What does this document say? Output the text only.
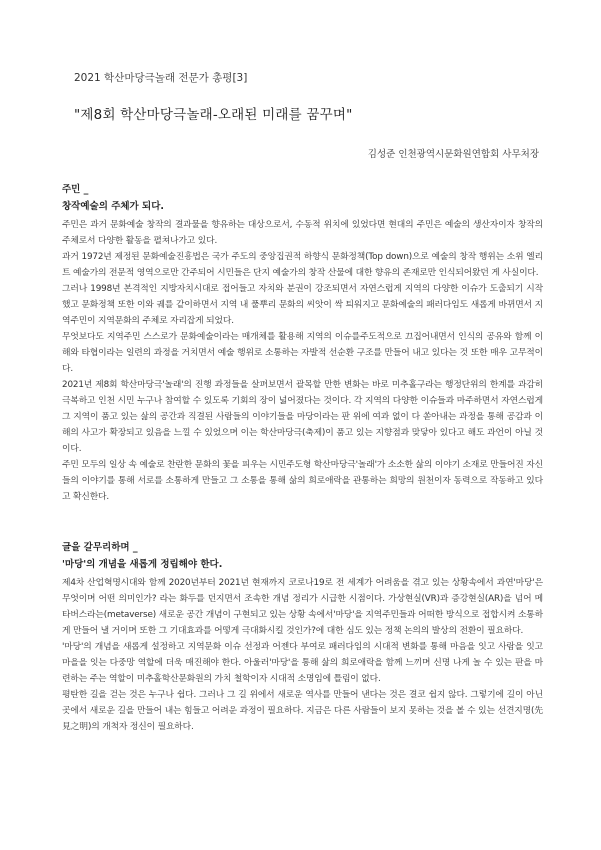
2021 학산마당극놀래 전문가 총평[3]
"제8회 학산마당극놀래-오래된 미래를 꿈꾸며"
김성준 인천광역시문화원연합회 사무처장

주민 _

창작예술의 주체가 되다.

주민은 과거 문화예술 창작의 결과물을 향유하는 대상으로서, 수동적 위치에 있었다면 현대의 주민은 예술의 생산자이자 창작의 주체로서 다양한 활동을 펼쳐나가고 있다.

과거 1972년 제정된 문화예술진흥법은 국가 주도의 중앙집권적 하향식 문화정책(Top down)으로 예술의 창작 행위는 소위 엘리트 예술가의 전문적 영역으로만 간주되어 시민들은 단지 예술가의 창작 산물에 대한 향유의 존재로만 인식되어왔던 게 사실이다.

그러나 1998년 본격적인 지방자치시대로 접어들고 자치와 분권이 강조되면서 자연스럽게 지역의 다양한 이슈가 도출되기 시작했고 문화정책 또한 이와 궤를 같이하면서 지역 내 풀뿌리 문화의 씨앗이 싹 틔워지고 문화예술의 패러다임도 새롭게 바뀌면서 지역주민이 지역문화의 주체로 자리잡게 되었다.

무엇보다도 지역주민 스스로가 문화예술이라는 매개체를 활용해 지역의 이슈를주도적으로 끄집어내면서 인식의 공유와 함께 이해와 타협이라는 일련의 과정을 거치면서 예술 행위로 소통하는 자발적 선순환 구조를 만들어 내고 있다는 것 또한 매우 고무적이다.

2021년 제8회 학산마당극'놀래'의 진행 과정들을 살펴보면서 괄목할 만한 변화는 바로 미추홀구라는 행정단위의 한계를 과감히 극복하고 인천 시민 누구나 참여할 수 있도록 기회의 장이 넓어졌다는 것이다. 각 지역의 다양한 이슈들과 마주하면서 자연스럽게 그 지역이 품고 있는 삶의 공간과 직결된 사람들의 이야기들을 마당이라는 판 위에 여과 없이 다 쏟아내는 과정을 통해 공감과 이해의 사고가 확장되고 있음을 느낄 수 있었으며 이는 학산마당극(축제)이 품고 있는 지향점과 맞닿아 있다고 해도 과언이 아닐 것이다.

주민 모두의 일상 속 예술로 찬란한 문화의 꽃을 피우는 시민주도형 학산마당극'놀래'가 소소한 삶의 이야기 소재로 만들어진 자신들의 이야기를 통해 서로를 소통하게 만들고 그 소통을 통해 삶의 희로애락을 관통하는 희망의 원천이자 동력으로 작동하고 있다고 확신한다.

글을 갈무리하며 _

'마당'의 개념을 새롭게 정립해야 한다.

제4차 산업혁명시대와 함께 2020년부터 2021년 현재까지 코로나19로 전 세계가 어려움을 겪고 있는 상황속에서 과연'마당'은 무엇이며 어떤 의미인가? 라는 화두를 던지면서 조속한 개념 정리가 시급한 시점이다. 가상현실(VR)과 증강현실(AR)을 넘어 메타버스라는(metaverse) 새로운 공간 개념이 구현되고 있는 상황 속에서'마당'을 지역주민들과 어떠한 방식으로 접합시켜 소통하게 만들어 낼 거이며 또한 그 기대효과를 어떻게 극대화시킬 것인가?에 대한 심도 있는 정책 논의의 발상의 전환이 필요하다.

'마당'의 개념을 새롭게 설정하고 지역문화 이슈 선정과 어젠다 부여로 패러다임의 시대적 변화를 통해 마음을 잇고 사람을 잇고 마을을 잇는 다중망 역할에 더욱 매진해야 한다. 아울러'마당'을 통해 삶의 희로애락을 함께 느끼며 신명 나게 놀 수 있는 판을 마련하는 주는 역할이 미추홀학산문화원의 가치 철학이자 시대적 소명임에 틀림이 없다.

평탄한 길을 걷는 것은 누구나 쉽다. 그러나 그 길 위에서 새로운 역사를 만들어 낸다는 것은 결코 쉽지 않다. 그렇기에 길이 아닌 곳에서 새로운 길을 만들어 내는 힘들고 어려운 과정이 필요하다. 지금은 다른 사람들이 보지 못하는 것을 볼 수 있는 선견지명(先見之明)의 개척자 정신이 필요하다.
